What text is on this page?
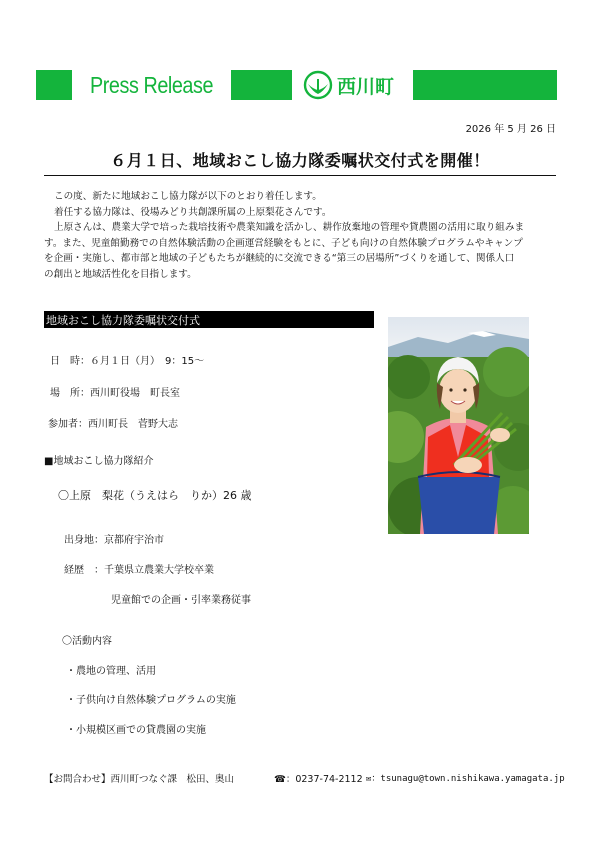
Press Release	西川町
2026 年 5 月 26 日
６月１日、地域おこし協力隊委嘱状交付式を開催！
この度、新たに地域おこし協力隊が以下のとおり着任します。
着任する協力隊は、役場みどり共創課所属の上原梨花さんです。
上原さんは、農業大学で培った栽培技術や農業知識を活かし、耕作放棄地の管理や貸農園の活用に取り組みま
す。また、児童館勤務での自然体験活動の企画運営経験をもとに、子ども向けの自然体験プログラムやキャンプ
を企画・実施し、都市部と地域の子どもたちが継続的に交流できる“第三の居場所”づくりを通して、関係人口
の創出と地域活性化を目指します。
地域おこし協力隊委嘱状交付式
日　時：６月１日（月）　9：15～
場　所：西川町役場　町長室
参加者：西川町長　菅野大志
■地域おこし協力隊紹介
〇上原　梨花（うえはら　りか）26 歳
出身地：京都府宇治市
経歴　：千葉県立農業大学校卒業
児童館での企画・引率業務従事
〇活動内容
・農地の管理、活用
・子供向け自然体験プログラムの実施
・小規模区画での貸農園の実施
【お問合わせ】西川町つなぐ課　松田、奥山	☎：0237-74-2112 ✉：tsunagu@town.nishikawa.yamagata.jp
